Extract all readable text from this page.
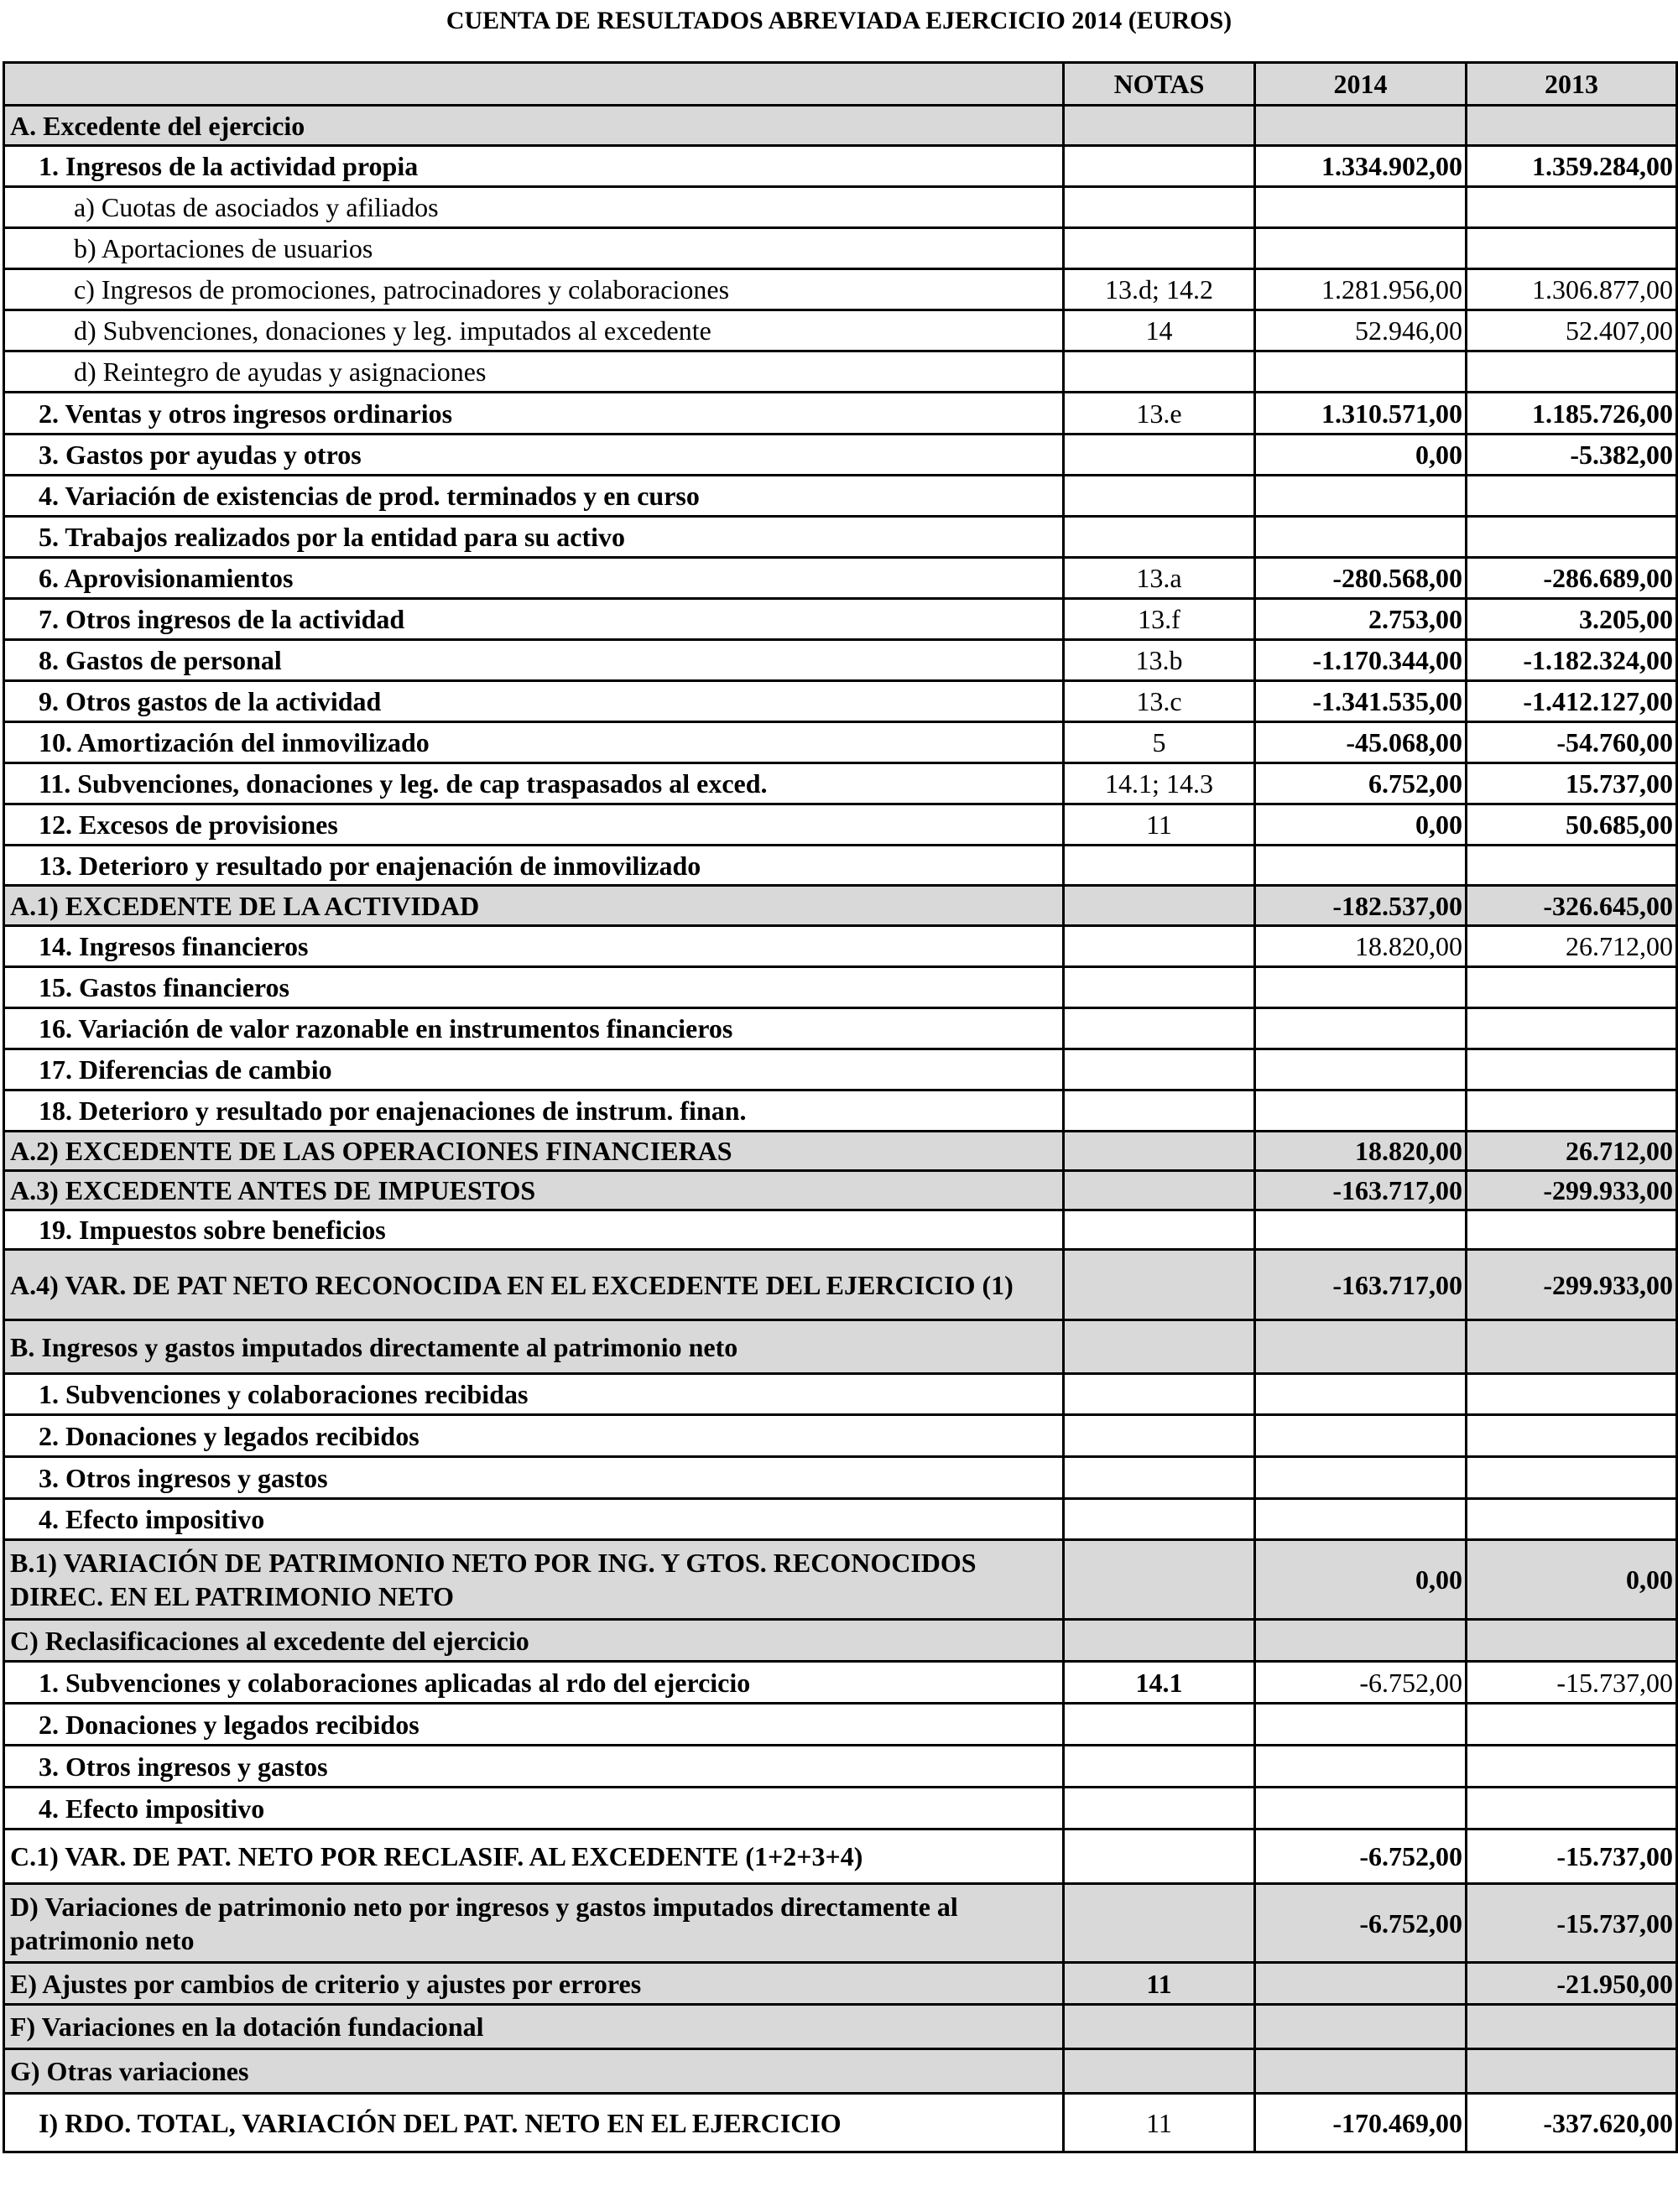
CUENTA DE RESULTADOS ABREVIADA EJERCICIO 2014 (EUROS)
	NOTAS	2014	2013
A. Excedente del ejercicio			
1. Ingresos de la actividad propia		1.334.902,00	1.359.284,00
a) Cuotas de asociados y afiliados			
b) Aportaciones de usuarios			
c) Ingresos de promociones, patrocinadores y colaboraciones	13.d; 14.2	1.281.956,00	1.306.877,00
d) Subvenciones, donaciones y leg. imputados al excedente	14	52.946,00	52.407,00
d) Reintegro de ayudas y asignaciones			
2. Ventas y otros ingresos ordinarios	13.e	1.310.571,00	1.185.726,00
3. Gastos por ayudas y otros		0,00	-5.382,00
4. Variación de existencias de prod. terminados y en curso			
5. Trabajos realizados por la entidad para su activo			
6. Aprovisionamientos	13.a	-280.568,00	-286.689,00
7. Otros ingresos de la actividad	13.f	2.753,00	3.205,00
8. Gastos de personal	13.b	-1.170.344,00	-1.182.324,00
9. Otros gastos de la actividad	13.c	-1.341.535,00	-1.412.127,00
10. Amortización del inmovilizado	5	-45.068,00	-54.760,00
11. Subvenciones, donaciones y leg. de cap traspasados al exced.	14.1; 14.3	6.752,00	15.737,00
12. Excesos de provisiones	11	0,00	50.685,00
13. Deterioro y resultado por enajenación de inmovilizado			
A.1) EXCEDENTE DE LA ACTIVIDAD		-182.537,00	-326.645,00
14. Ingresos financieros		18.820,00	26.712,00
15. Gastos financieros			
16. Variación de valor razonable en instrumentos financieros			
17. Diferencias de cambio			
18. Deterioro y resultado por enajenaciones de instrum. finan.			
A.2) EXCEDENTE DE LAS OPERACIONES FINANCIERAS		18.820,00	26.712,00
A.3) EXCEDENTE ANTES DE IMPUESTOS		-163.717,00	-299.933,00
19. Impuestos sobre beneficios			
A.4) VAR. DE PAT NETO RECONOCIDA EN EL EXCEDENTE DEL EJERCICIO (1)		-163.717,00	-299.933,00
B. Ingresos y gastos imputados directamente al patrimonio neto			
1. Subvenciones y colaboraciones recibidas			
2. Donaciones y legados recibidos			
3. Otros ingresos y gastos			
4. Efecto impositivo			
B.1) VARIACIÓN DE PATRIMONIO NETO POR ING. Y GTOS. RECONOCIDOS DIREC. EN EL PATRIMONIO NETO		0,00	0,00
C) Reclasificaciones al excedente del ejercicio			
1. Subvenciones y colaboraciones aplicadas al rdo del ejercicio	14.1	-6.752,00	-15.737,00
2. Donaciones y legados recibidos			
3. Otros ingresos y gastos			
4. Efecto impositivo			
C.1) VAR. DE PAT. NETO POR RECLASIF. AL EXCEDENTE (1+2+3+4)		-6.752,00	-15.737,00
D) Variaciones de patrimonio neto por ingresos y gastos imputados directamente al patrimonio neto		-6.752,00	-15.737,00
E) Ajustes por cambios de criterio y ajustes por errores	11		-21.950,00
F) Variaciones en la dotación fundacional			
G) Otras variaciones			
I) RDO. TOTAL, VARIACIÓN DEL PAT. NETO EN EL EJERCICIO	11	-170.469,00	-337.620,00
